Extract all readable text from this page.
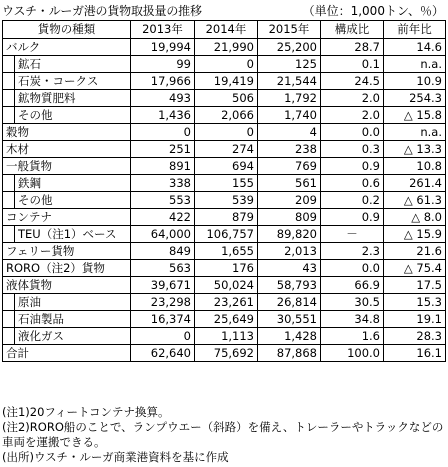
ウスチ・ルーガ港の貨物取扱量の推移	（単位：1,000トン、％）
貨物の種類		2013年	2014年	2015年	構成比	前年比
バルク		19,994	21,990	25,200	28.7	14.6
	鉱石	99	0	125	0.1	n.a.
	石炭・コークス	17,966	19,419	21,544	24.5	10.9
	鉱物質肥料	493	506	1,792	2.0	254.3
	その他	1,436	2,066	1,740	2.0	△ 15.8
穀物		0	0	4	0.0	n.a.
木材		251	274	238	0.3	△ 13.3
一般貨物		891	694	769	0.9	10.8
	鉄鋼	338	155	561	0.6	261.4
	その他	553	539	209	0.2	△ 61.3
コンテナ		422	879	809	0.9	△ 8.0
	TEU（注1）ベース	64,000	106,757	89,820	－	△ 15.9
フェリー貨物		849	1,655	2,013	2.3	21.6
RORO（注2）貨物		563	176	43	0.0	△ 75.4
液体貨物		39,671	50,024	58,793	66.9	17.5
	原油	23,298	23,261	26,814	30.5	15.3
	石油製品	16,374	25,649	30,551	34.8	19.1
	液化ガス	0	1,113	1,428	1.6	28.3
合計		62,640	75,692	87,868	100.0	16.1
(注1)20フィートコンテナ換算。
(注2)RORO船のことで、ランプウエー（斜路）を備え、トレーラーやトラックなどの車両を運搬できる。
(出所)ウスチ・ルーガ商業港資料を基に作成
